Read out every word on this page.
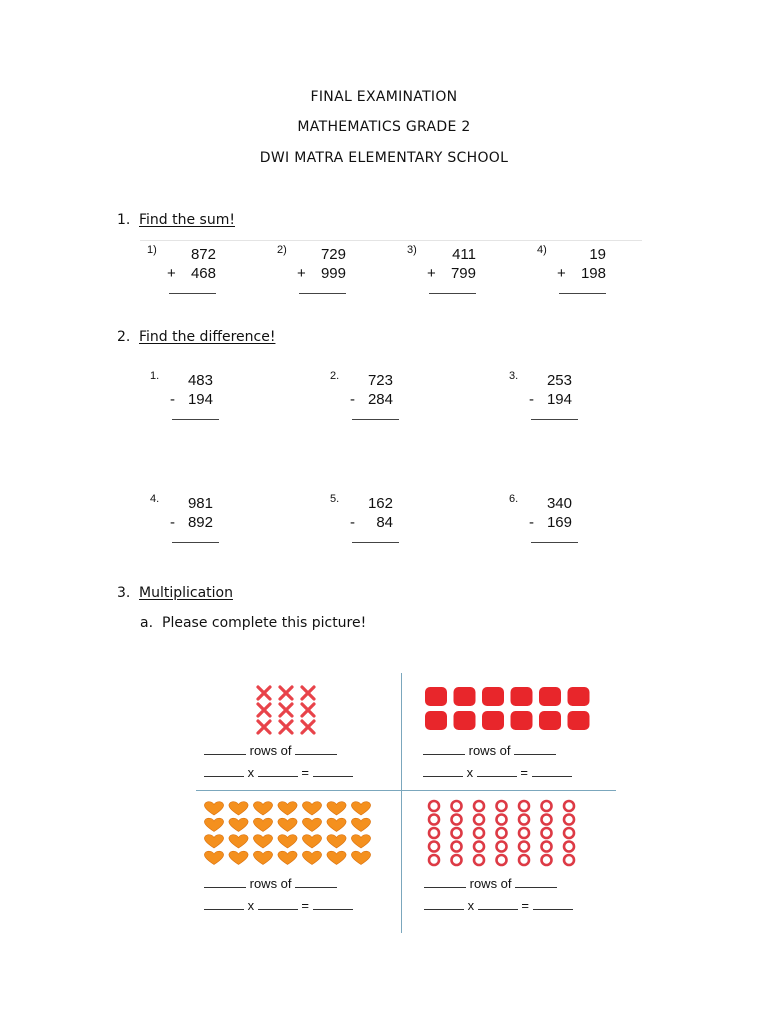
FINAL EXAMINATION
MATHEMATICS GRADE 2
DWI MATRA ELEMENTARY SCHOOL
1. Find the sum!
1)	872
+	468
2)	729
+	999
3)	411
+	799
4)	19
+	198
2. Find the difference!
1.	483
- 194
2.	723
- 284
3.	253
- 194
4.	981
- 892
5.	162
-	84
6.	340
- 169
3. Multiplication
a. Please complete this picture!
rows of
x	=
rows of
x	=
rows of
x	=
rows of
x	=
